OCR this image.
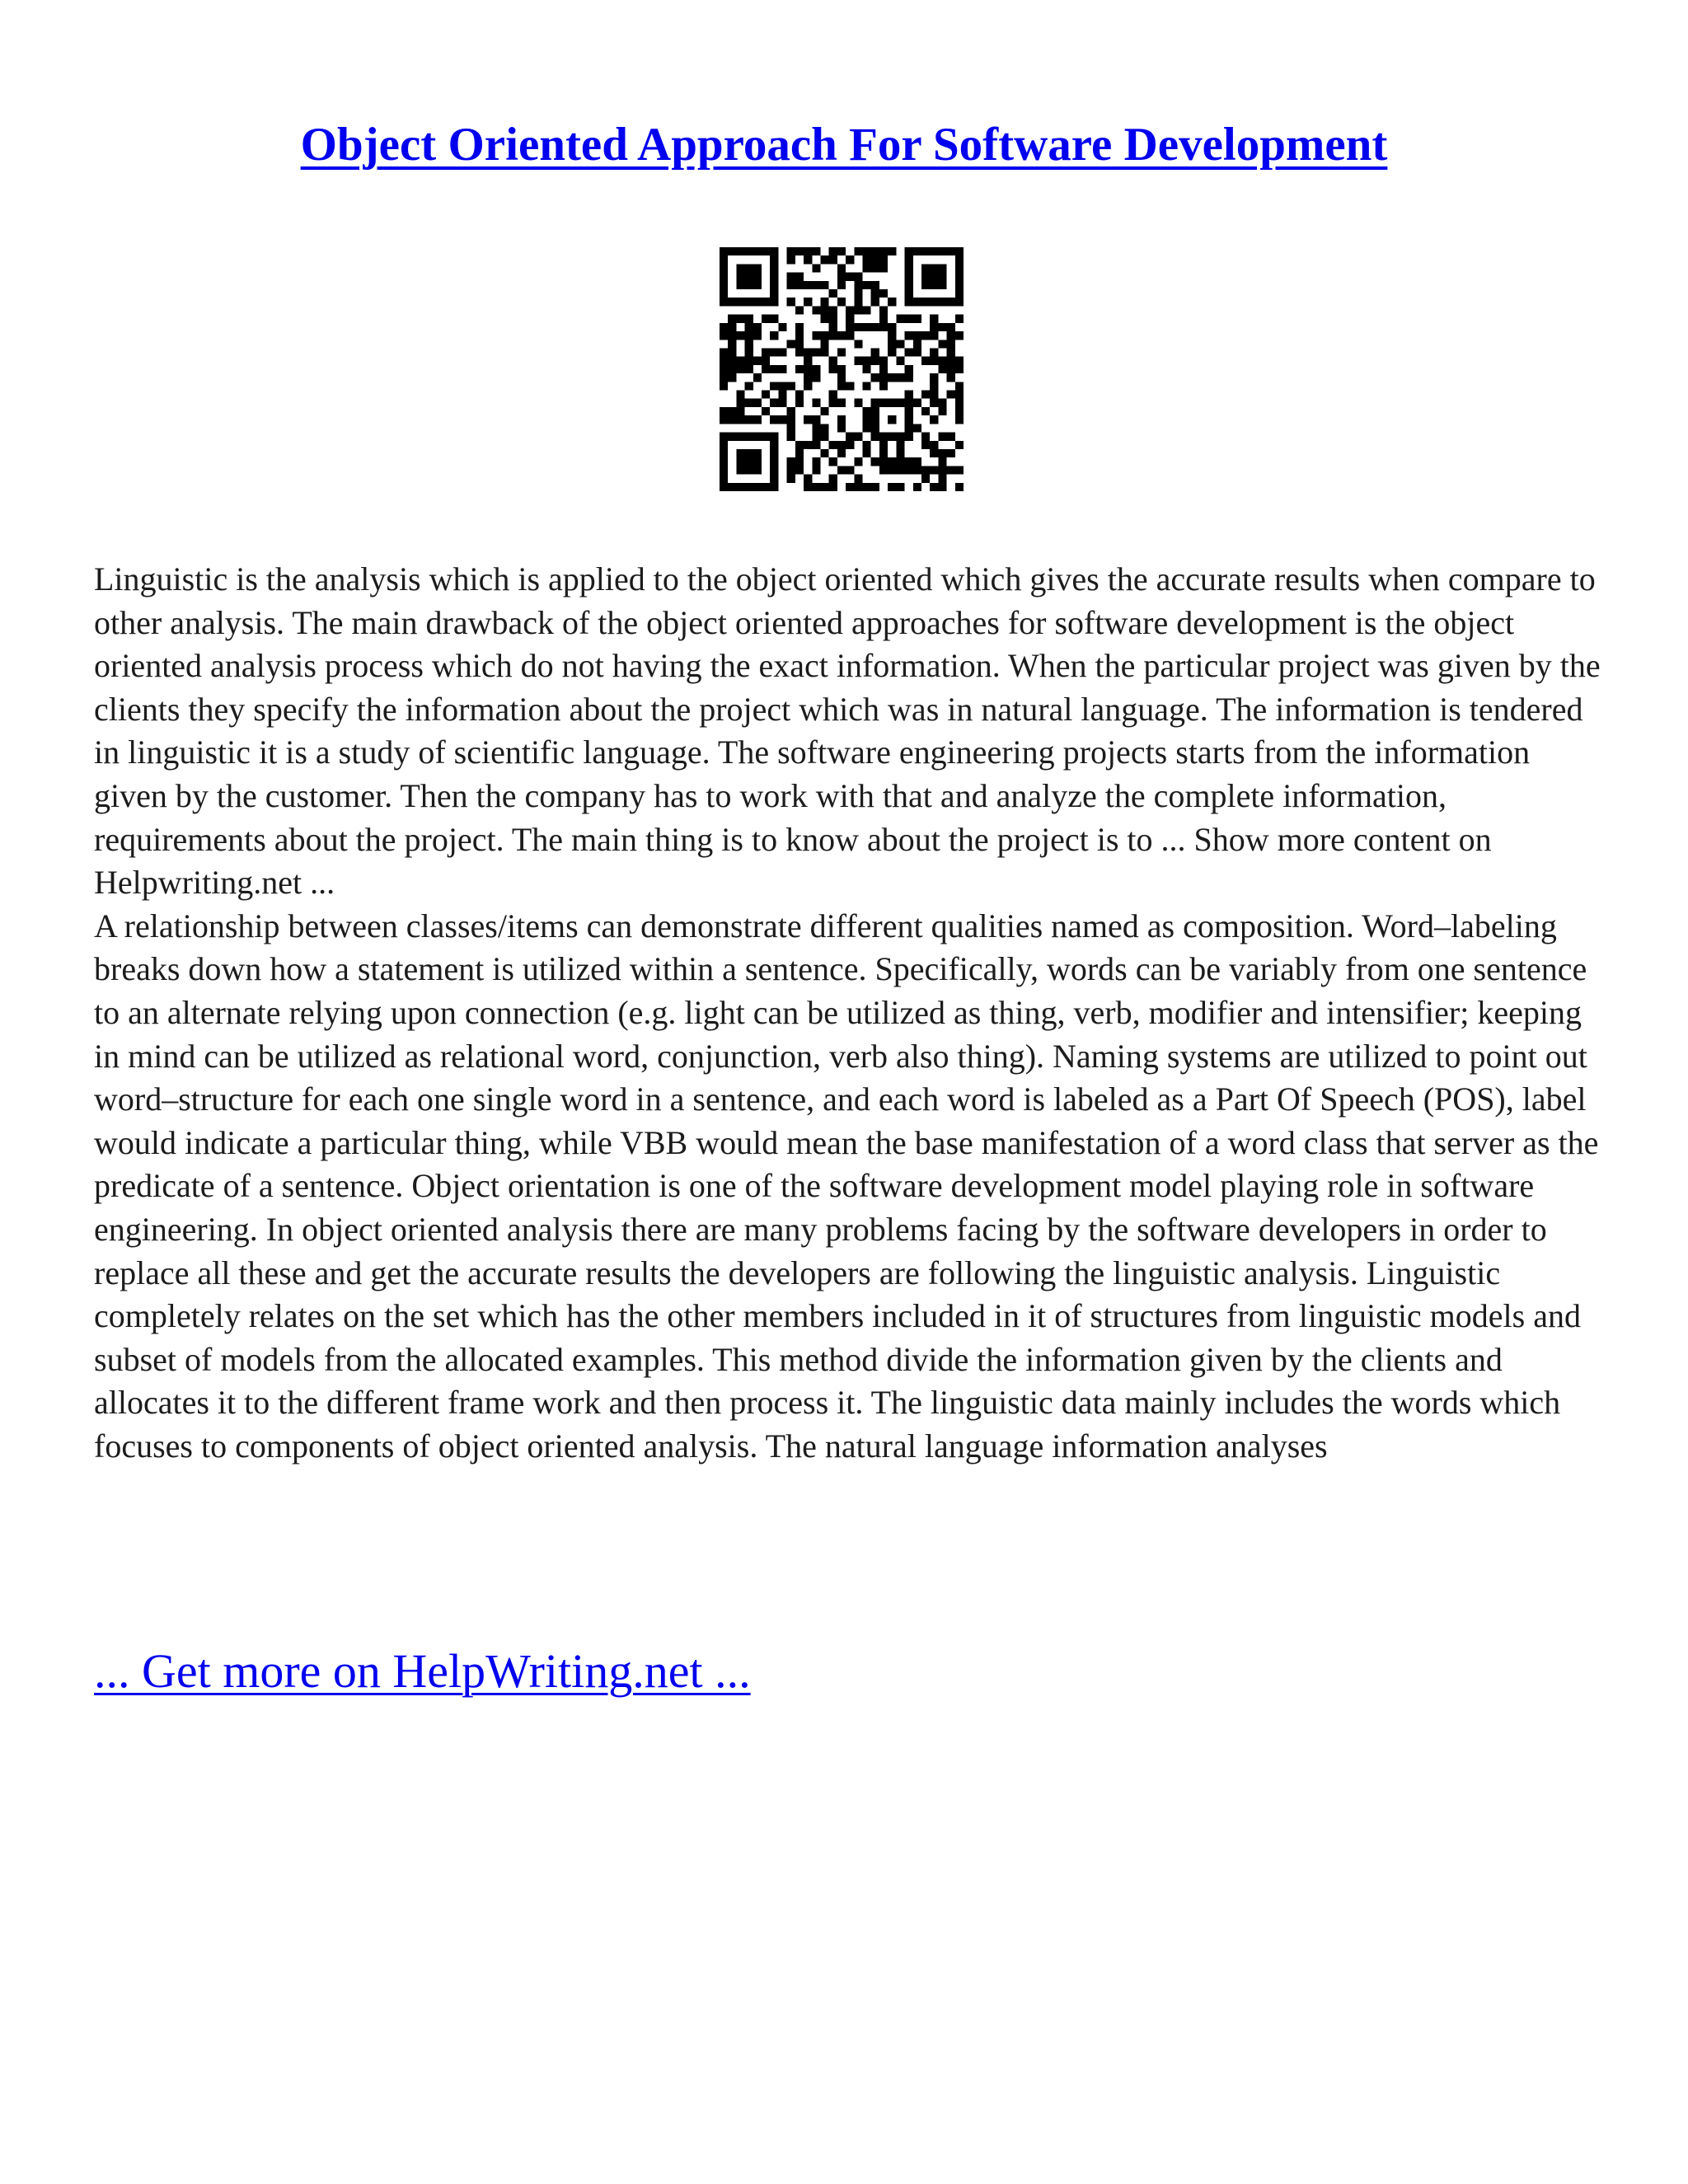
Object Oriented Approach For Software Development

Linguistic is the analysis which is applied to the object oriented which gives the accurate results when compare to other analysis. The main drawback of the object oriented approaches for software development is the object oriented analysis process which do not having the exact information. When the particular project was given by the clients they specify the information about the project which was in natural language. The information is tendered in linguistic it is a study of scientific language. The software engineering projects starts from the information given by the customer. Then the company has to work with that and analyze the complete information, requirements about the project. The main thing is to know about the project is to ... Show more content on Helpwriting.net ...

A relationship between classes/items can demonstrate different qualities named as composition. Word–labeling breaks down how a statement is utilized within a sentence. Specifically, words can be variably from one sentence to an alternate relying upon connection (e.g. light can be utilized as thing, verb, modifier and intensifier; keeping in mind can be utilized as relational word, conjunction, verb also thing). Naming systems are utilized to point out word–structure for each one single word in a sentence, and each word is labeled as a Part Of Speech (POS), label would indicate a particular thing, while VBB would mean the base manifestation of a word class that server as the predicate of a sentence. Object orientation is one of the software development model playing role in software engineering. In object oriented analysis there are many problems facing by the software developers in order to replace all these and get the accurate results the developers are following the linguistic analysis. Linguistic completely relates on the set which has the other members included in it of structures from linguistic models and subset of models from the allocated examples. This method divide the information given by the clients and allocates it to the different frame work and then process it. The linguistic data mainly includes the words which focuses to components of object oriented analysis. The natural language information analyses

... Get more on HelpWriting.net ...
